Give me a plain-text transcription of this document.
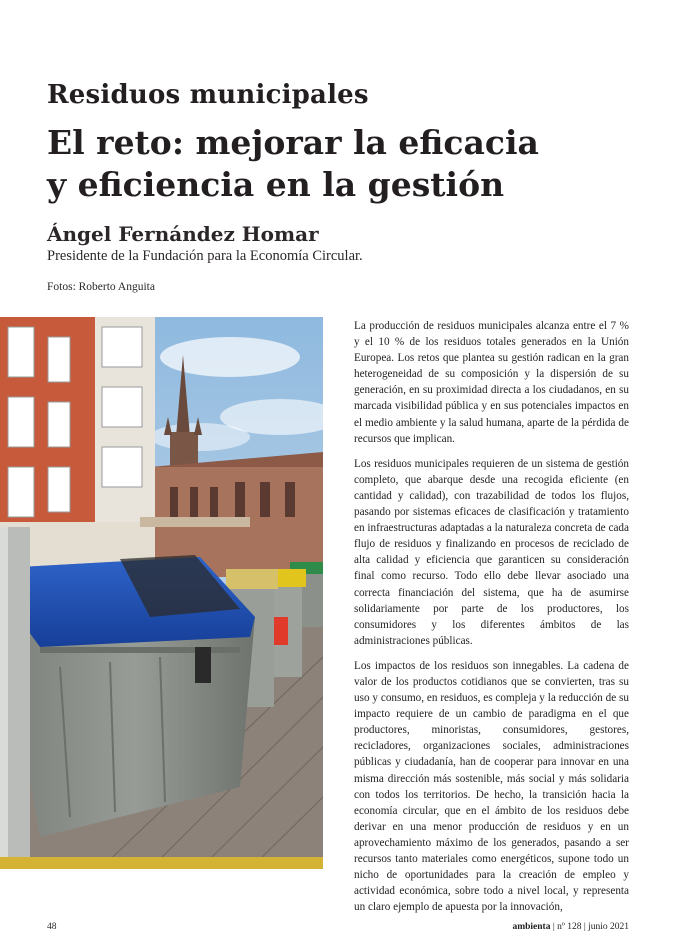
Residuos municipales
El reto: mejorar la eficacia
y eficiencia en la gestión

Ángel Fernández Homar

Presidente de la Fundación para la Economía Circular.

Fotos: Roberto Anguita

La producción de residuos municipales alcanza entre el 7 % y el 10 % de los residuos totales generados en la Unión Europea. Los retos que plantea su gestión radican en la gran heterogeneidad de su composición y la dispersión de su generación, en su proximidad directa a los ciudadanos, en su marcada visibilidad pública y en sus potenciales impactos en el medio ambiente y la salud humana, aparte de la pérdida de recursos que implican.

Los residuos municipales requieren de un sistema de gestión completo, que abarque desde una recogida eficiente (en cantidad y calidad), con trazabilidad de todos los flujos, pasando por sistemas eficaces de clasificación y tratamiento en infraestructuras adaptadas a la naturaleza concreta de cada flujo de residuos y finalizando en procesos de reciclado de alta calidad y eficiencia que garanticen su consideración final como recurso. Todo ello debe llevar asociado una correcta financiación del sistema, que ha de asumirse solidariamente por parte de los productores, los consumidores y los diferentes ámbitos de las administraciones públicas.

Los impactos de los residuos son innegables. La cadena de valor de los productos cotidianos que se convierten, tras su uso y consumo, en residuos, es compleja y la reducción de su impacto requiere de un cambio de paradigma en el que productores, minoristas, consumidores, gestores, recicladores, organizaciones sociales, administraciones públicas y ciudadanía, han de cooperar para innovar en una misma dirección más sostenible, más social y más solidaria con todos los territorios. De hecho, la transición hacia la economía circular, que en el ámbito de los residuos debe derivar en una menor producción de residuos y en un aprovechamiento máximo de los generados, pasando a ser recursos tanto materiales como energéticos, supone todo un nicho de oportunidades para la creación de empleo y actividad económica, sobre todo a nivel local, y representa un claro ejemplo de apuesta por la innovación,

48	ambienta | nº 128 | junio 2021
